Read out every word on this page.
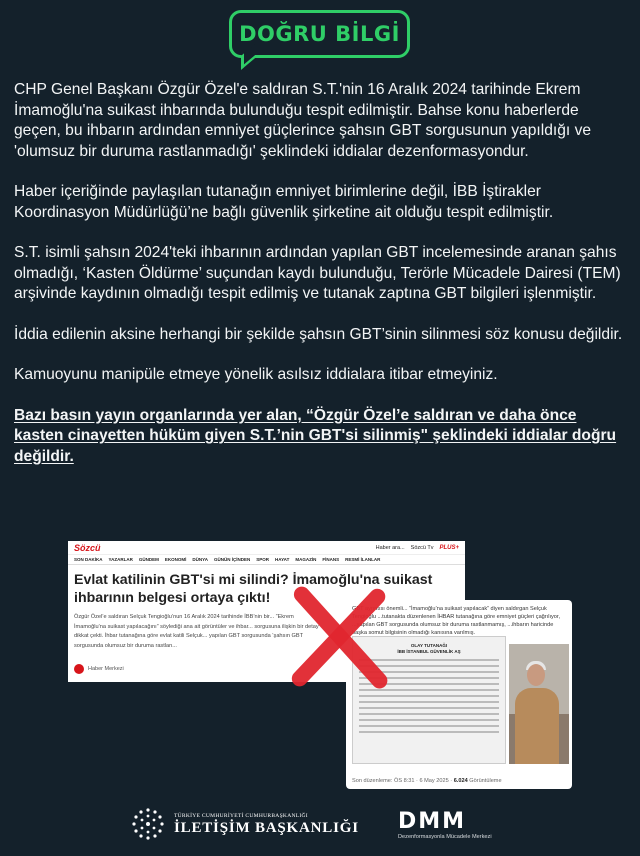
DOĞRU BİLGİ

CHP Genel Başkanı Özgür Özel'e saldıran S.T.'nin 16 Aralık 2024 tarihinde Ekrem İmamoğlu'na suikast ihbarında bulunduğu tespit edilmiştir. Bahse konu haberlerde geçen, bu ihbarın ardından emniyet güçlerince şahsın GBT sorgusunun yapıldığı ve 'olumsuz bir duruma rastlanmadığı' şeklindeki iddialar dezenformasyondur.

Haber içeriğinde paylaşılan tutanağın emniyet birimlerine değil, İBB İştirakler Koordinasyon Müdürlüğü’ne bağlı güvenlik şirketine ait olduğu tespit edilmiştir.

S.T. isimli şahsın 2024'teki ihbarının ardından yapılan GBT incelemesinde aranan şahıs olmadığı, ‘Kasten Öldürme’ suçundan kaydı bulunduğu, Terörle Mücadele Dairesi (TEM) arşivinde kaydının olmadığı tespit edilmiş ve tutanak zaptına GBT bilgileri işlenmiştir.

İddia edilenin aksine herhangi bir şekilde şahsın GBT’sinin silinmesi söz konusu değildir.

Kamuoyunu manipüle etmeye yönelik asılsız iddialara itibar etmeyiniz.

Bazı basın yayın organlarında yer alan, “Özgür Özel’e saldıran ve daha önce kasten cinayetten hüküm giyen S.T.’nin GBT'si silinmiş" şeklindeki iddialar doğru değildir.

Sözcü	Haber ara... Sözcü Tv PLUS+
SON DAKİKA YAZARLAR GÜNDEM EKONOMİ DÜNYA GÜNÜN İÇİNDEN SPOR HAYAT MAGAZİN FİNANS RESMİ İLANLAR
Evlat katilinin GBT'si mi silindi? İmamoğlu'na suikast ihbarının belgesi ortaya çıktı!
Özgür Özel’e saldıran Selçuk Tengioğlu’nun 16 Aralık 2024 tarihinde İBB’nin bir... “Ekrem İmamoğlu’na suikast yapılacağını” söylediği ana ait görüntüler ve ihbar... sorgusuna ilişkin bir detay dikkat çekti. İhbar tutanağına göre evlat katili Selçuk... yapılan GBT sorgusunda ‘şahsın GBT sorgusunda olumsuz bir duruma rastlan...
Haber Merkezi
GBT ayrıntısı önemli... “İmamoğlu’na suikast yapılacak” diyen saldırgan Selçuk Tengioğlu ...tutanakta düzenlenen İHBAR tutanağına göre emniyet güçleri çağrılıyor, ...yapılan GBT sorgusunda olumsuz bir duruma rastlanmamış, ...ihbarın haricinde başka somut bilgisinin olmadığı kanısına varılmış.
OLAY TUTANAĞI
İBB İSTANBUL GÜVENLİK AŞ
Son düzenleme: ÖS 8:31 · 6 May 2025 · 6.024 Görüntüleme
TÜRKİYE CUMHURİYETİ CUMHURBAŞKANLIĞI
İLETİŞİM BAŞKANLIĞI DMM
Dezenformasyonla Mücadele Merkezi
